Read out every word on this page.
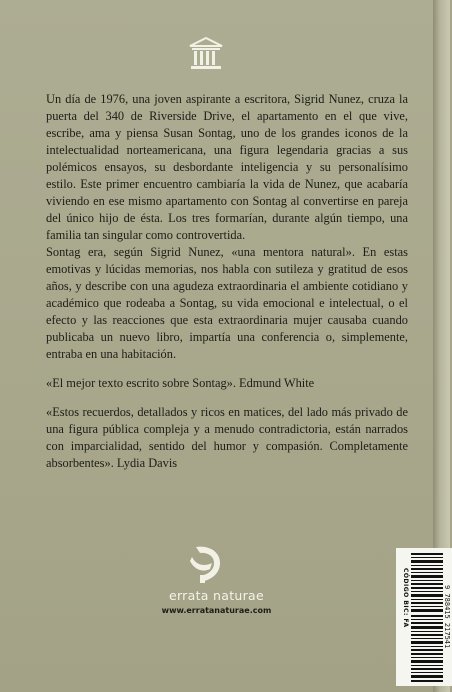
Un día de 1976, una joven aspirante a escritora, Sigrid Nunez, cruza la puerta del 340 de Riverside Drive, el apartamento en el que vive, escribe, ama y piensa Susan Sontag, uno de los grandes iconos de la intelectualidad norteamericana, una figura legendaria gracias a sus polémicos ensayos, su desbordante inteligencia y su personalísimo estilo. Este primer encuentro cambiaría la vida de Nunez, que acabaría viviendo en ese mismo apartamento con Sontag al convertirse en pareja del único hijo de ésta. Los tres formarían, durante algún tiempo, una familia tan singular como controvertida.

Sontag era, según Sigrid Nunez, «una mentora natural». En estas emotivas y lúcidas memorias, nos habla con sutileza y gratitud de esos años, y describe con una agudeza extraordinaria el ambiente cotidiano y académico que rodeaba a Sontag, su vida emocional e intelectual, o el efecto y las reacciones que esta extraordinaria mujer causaba cuando publicaba un nuevo libro, impartía una conferencia o, simplemente, entraba en una habitación.

«El mejor texto escrito sobre Sontag». Edmund White

«Estos recuerdos, detallados y ricos en matices, del lado más privado de una figura pública compleja y a menudo contradictoria, están narrados con imparcialidad, sentido del humor y compasión. Completamente absorbentes». Lydia Davis

errata naturae
www.erratanaturae.com	CÓDIGO BIC: FA	9 788415 217541
